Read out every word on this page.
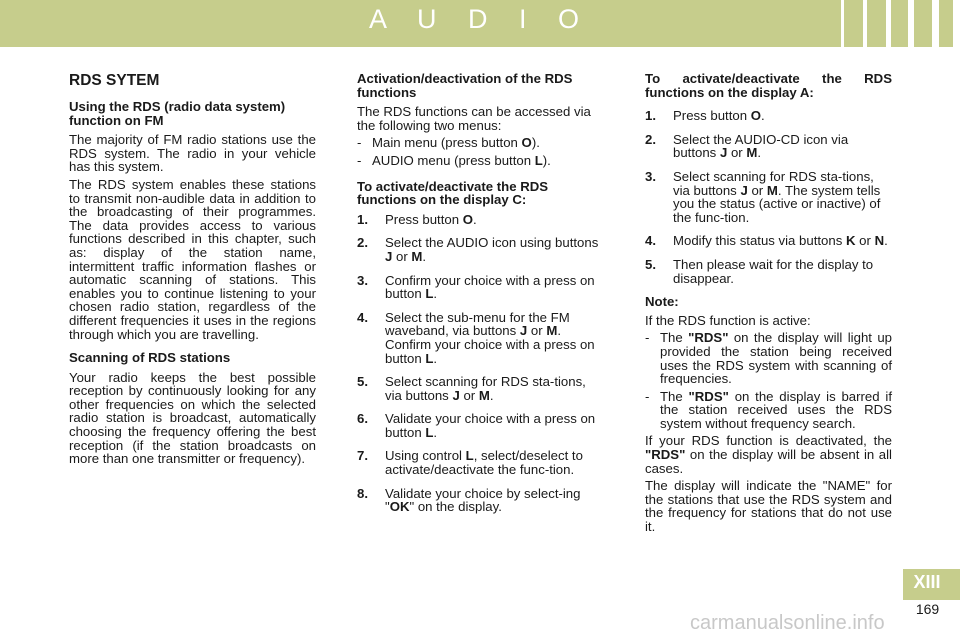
A U D I O
RDS SYTEM
Using the RDS (radio data system) function on FM

The majority of FM radio stations use the RDS system. The radio in your vehicle has this system.

The RDS system enables these stations to transmit non-audible data in addition to the broadcasting of their programmes. The data provides access to various functions described in this chapter, such as: display of the station name, intermittent traffic information flashes or automatic scanning of stations. This enables you to continue listening to your chosen radio station, regardless of the different frequencies it uses in the regions through which you are travelling.

Scanning of RDS stations

Your radio keeps the best possible reception by continuously looking for any other frequencies on which the selected radio station is broadcast, automatically choosing the frequency offering the best reception (if the station broadcasts on more than one transmitter or frequency).

Activation/deactivation of the RDS functions

The RDS functions can be accessed via the following two menus:

- Main menu (press button O).
- AUDIO menu (press button L).
To activate/deactivate the RDS functions on the display C:
1. Press button O.
2. Select the AUDIO icon using buttons J or M.
3. Confirm your choice with a press on button L.
4. Select the sub-menu for the FM waveband, via buttons J or M. Confirm your choice with a press on button L.
5. Select scanning for RDS sta-tions, via buttons J or M.
6. Validate your choice with a press on button L.
7. Using control L, select/deselect to activate/deactivate the func-tion.
8. Validate your choice by select-ing "OK" on the display.
To activate/deactivate the RDS functions on the display A:
1. Press button O.
2. Select the AUDIO-CD icon via buttons J or M.
3. Select scanning for RDS sta-tions, via buttons J or M. The system tells you the status (active or inactive) of the func-tion.
4. Modify this status via buttons K or N.
5. Then please wait for the display to disappear.
Note:

If the RDS function is active:

- The "RDS" on the display will light up provided the station being received uses the RDS system with scanning of frequencies.
- The "RDS" on the display is barred if the station received uses the RDS system without frequency search.

If your RDS function is deactivated, the "RDS" on the display will be absent in all cases.

The display will indicate the "NAME" for the stations that use the RDS system and the frequency for stations that do not use it.

XIII
169
carmanualsonline.info
